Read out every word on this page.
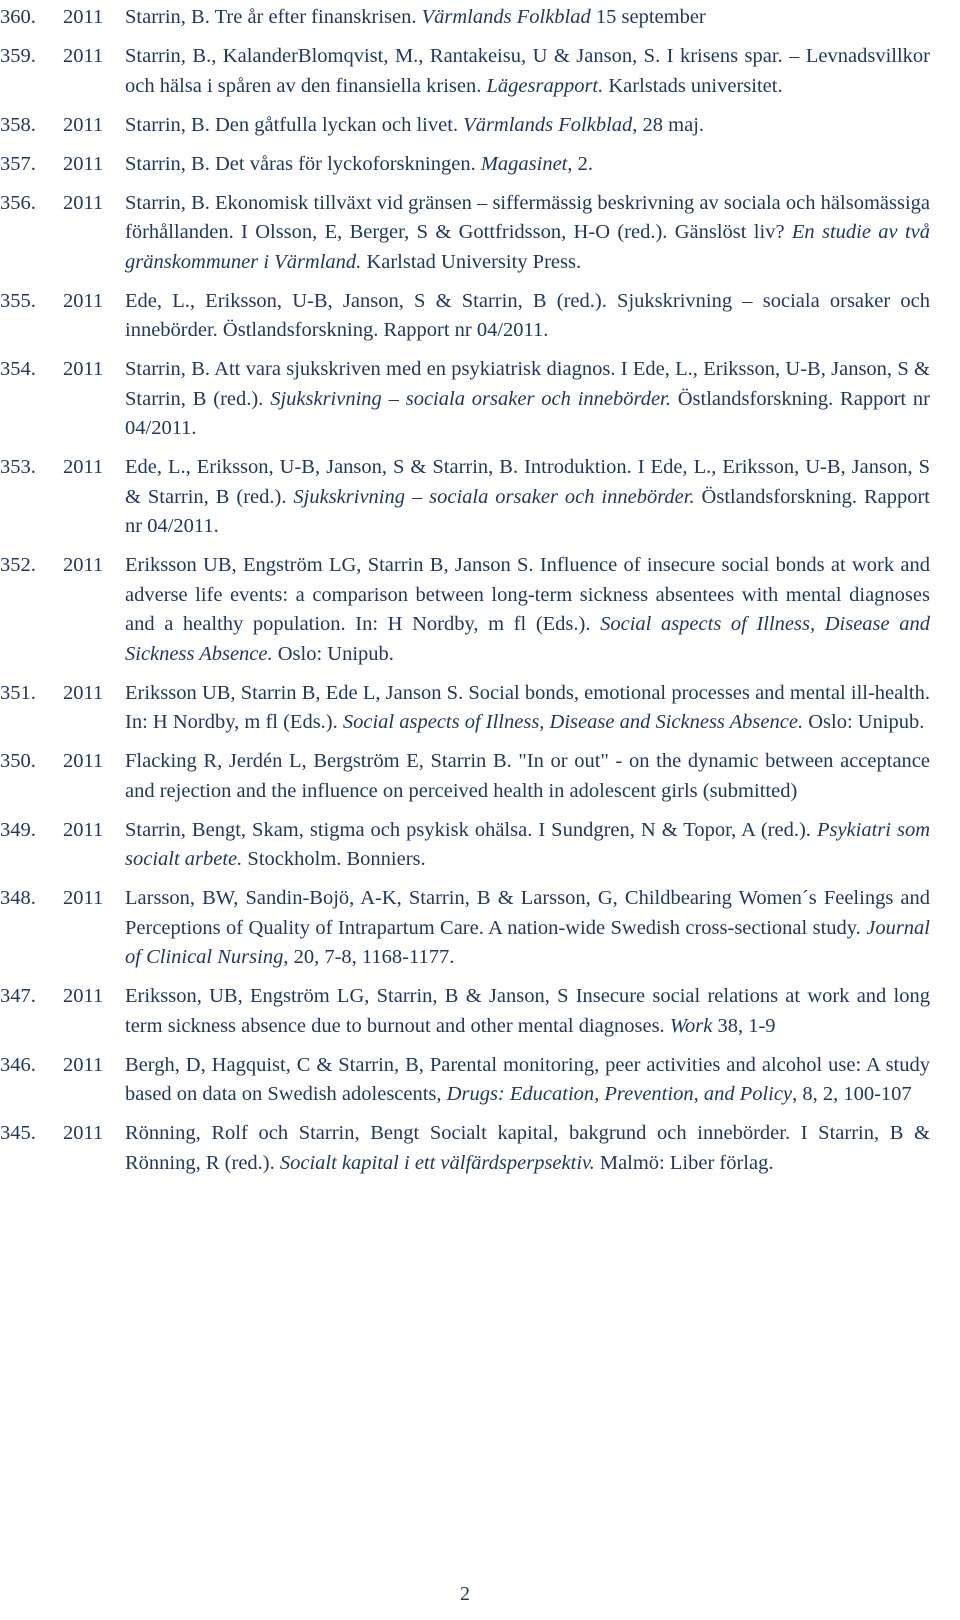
360. 2011 Starrin, B. Tre år efter finanskrisen. Värmlands Folkblad 15 september
359. 2011 Starrin, B., KalanderBlomqvist, M., Rantakeisu, U & Janson, S. I krisens spar. – Levnadsvillkor och hälsa i spåren av den finansiella krisen. Lägesrapport. Karlstads universitet.
358. 2011 Starrin, B. Den gåtfulla lyckan och livet. Värmlands Folkblad, 28 maj.
357. 2011 Starrin, B. Det våras för lyckoforskningen. Magasinet, 2.
356. 2011 Starrin, B. Ekonomisk tillväxt vid gränsen – siffermässig beskrivning av sociala och hälsomässiga förhållanden. I Olsson, E, Berger, S & Gottfridsson, H-O (red.). Gänslöst liv? En studie av två gränskommuner i Värmland. Karlstad University Press.
355. 2011 Ede, L., Eriksson, U-B, Janson, S & Starrin, B (red.). Sjukskrivning – sociala orsaker och innebörder. Östlandsforskning. Rapport nr 04/2011.
354. 2011 Starrin, B. Att vara sjukskriven med en psykiatrisk diagnos. I Ede, L., Eriksson, U-B, Janson, S & Starrin, B (red.). Sjukskrivning – sociala orsaker och innebörder. Östlandsforskning. Rapport nr 04/2011.
353. 2011 Ede, L., Eriksson, U-B, Janson, S & Starrin, B. Introduktion. I Ede, L., Eriksson, U-B, Janson, S & Starrin, B (red.). Sjukskrivning – sociala orsaker och innebörder. Östlandsforskning. Rapport nr 04/2011.
352. 2011 Eriksson UB, Engström LG, Starrin B, Janson S. Influence of insecure social bonds at work and adverse life events: a comparison between long-term sickness absentees with mental diagnoses and a healthy population. In: H Nordby, m fl (Eds.). Social aspects of Illness, Disease and Sickness Absence. Oslo: Unipub.
351. 2011 Eriksson UB, Starrin B, Ede L, Janson S. Social bonds, emotional processes and mental ill-health. In: H Nordby, m fl (Eds.). Social aspects of Illness, Disease and Sickness Absence. Oslo: Unipub.
350. 2011 Flacking R, Jerdén L, Bergström E, Starrin B. "In or out" - on the dynamic between acceptance and rejection and the influence on perceived health in adolescent girls (submitted)
349. 2011 Starrin, Bengt, Skam, stigma och psykisk ohälsa. I Sundgren, N & Topor, A (red.). Psykiatri som socialt arbete. Stockholm. Bonniers.
348. 2011 Larsson, BW, Sandin-Bojö, A-K, Starrin, B & Larsson, G, Childbearing Women´s Feelings and Perceptions of Quality of Intrapartum Care. A nation-wide Swedish cross-sectional study. Journal of Clinical Nursing, 20, 7-8, 1168-1177.
347. 2011 Eriksson, UB, Engström LG, Starrin, B & Janson, S Insecure social relations at work and long term sickness absence due to burnout and other mental diagnoses. Work 38, 1-9
346. 2011 Bergh, D, Hagquist, C & Starrin, B, Parental monitoring, peer activities and alcohol use: A study based on data on Swedish adolescents, Drugs: Education, Prevention, and Policy, 8, 2, 100-107
345. 2011 Rönning, Rolf och Starrin, Bengt Socialt kapital, bakgrund och innebörder. I Starrin, B & Rönning, R (red.). Socialt kapital i ett välfärdsperpsektiv. Malmö: Liber förlag.
2
